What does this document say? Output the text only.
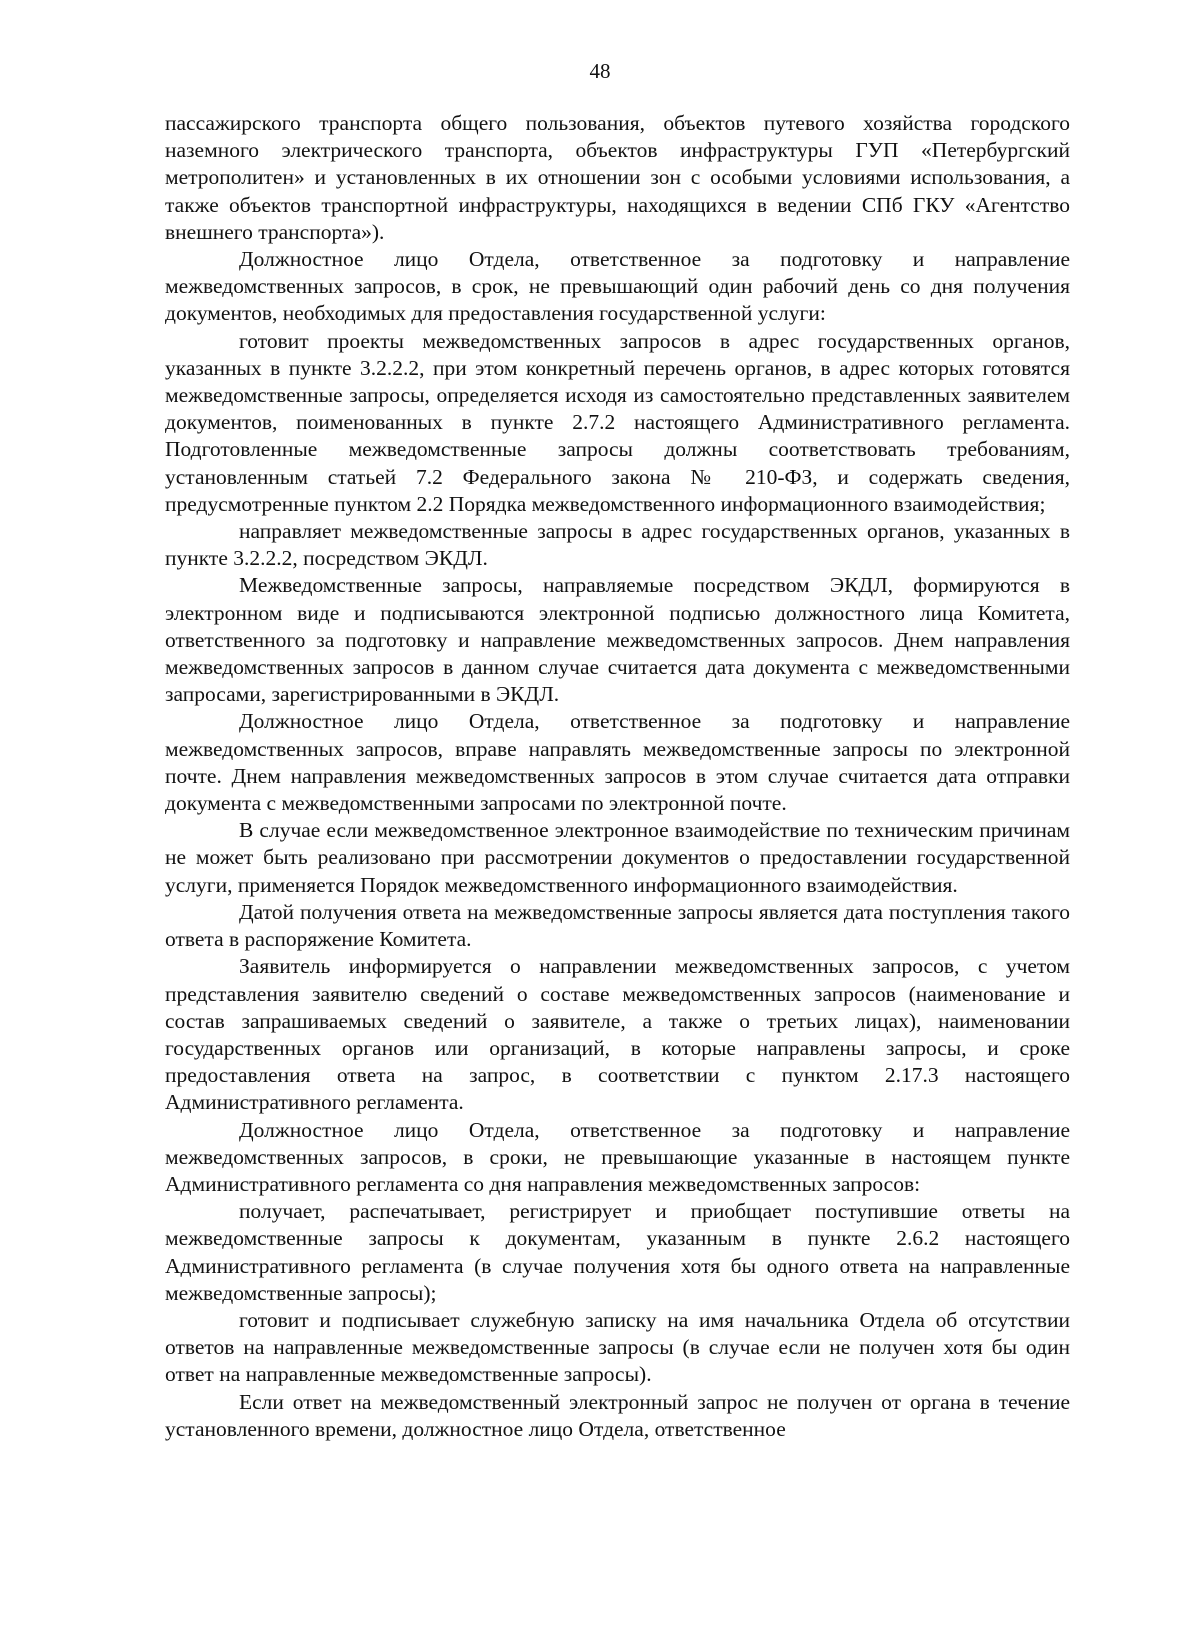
48

пассажирского транспорта общего пользования, объектов путевого хозяйства городского наземного электрического транспорта, объектов инфраструктуры ГУП «Петербургский метрополитен» и установленных в их отношении зон с особыми условиями использования, а также объектов транспортной инфраструктуры, находящихся в ведении СПб ГКУ «Агентство внешнего транспорта»).

Должностное лицо Отдела, ответственное за подготовку и направление межведомственных запросов, в срок, не превышающий один рабочий день со дня получения документов, необходимых для предоставления государственной услуги:

готовит проекты межведомственных запросов в адрес государственных органов, указанных в пункте 3.2.2.2, при этом конкретный перечень органов, в адрес которых готовятся межведомственные запросы, определяется исходя из самостоятельно представленных заявителем документов, поименованных в пункте 2.7.2 настоящего Административного регламента. Подготовленные межведомственные запросы должны соответствовать требованиям, установленным статьей 7.2 Федерального закона № 210-ФЗ, и содержать сведения, предусмотренные пунктом 2.2 Порядка межведомственного информационного взаимодействия;

направляет межведомственные запросы в адрес государственных органов, указанных в пункте 3.2.2.2, посредством ЭКДЛ.

Межведомственные запросы, направляемые посредством ЭКДЛ, формируются в электронном виде и подписываются электронной подписью должностного лица Комитета, ответственного за подготовку и направление межведомственных запросов. Днем направления межведомственных запросов в данном случае считается дата документа с межведомственными запросами, зарегистрированными в ЭКДЛ.

Должностное лицо Отдела, ответственное за подготовку и направление межведомственных запросов, вправе направлять межведомственные запросы по электронной почте. Днем направления межведомственных запросов в этом случае считается дата отправки документа с межведомственными запросами по электронной почте.

В случае если межведомственное электронное взаимодействие по техническим причинам не может быть реализовано при рассмотрении документов о предоставлении государственной услуги, применяется Порядок межведомственного информационного взаимодействия.

Датой получения ответа на межведомственные запросы является дата поступления такого ответа в распоряжение Комитета.

Заявитель информируется о направлении межведомственных запросов, с учетом представления заявителю сведений о составе межведомственных запросов (наименование и состав запрашиваемых сведений о заявителе, а также о третьих лицах), наименовании государственных органов или организаций, в которые направлены запросы, и сроке предоставления ответа на запрос, в соответствии с пунктом 2.17.3 настоящего Административного регламента.

Должностное лицо Отдела, ответственное за подготовку и направление межведомственных запросов, в сроки, не превышающие указанные в настоящем пункте Административного регламента со дня направления межведомственных запросов:

получает, распечатывает, регистрирует и приобщает поступившие ответы на межведомственные запросы к документам, указанным в пункте 2.6.2 настоящего Административного регламента (в случае получения хотя бы одного ответа на направленные межведомственные запросы);

готовит и подписывает служебную записку на имя начальника Отдела об отсутствии ответов на направленные межведомственные запросы (в случае если не получен хотя бы один ответ на направленные межведомственные запросы).

Если ответ на межведомственный электронный запрос не получен от органа в течение установленного времени, должностное лицо Отдела, ответственное
